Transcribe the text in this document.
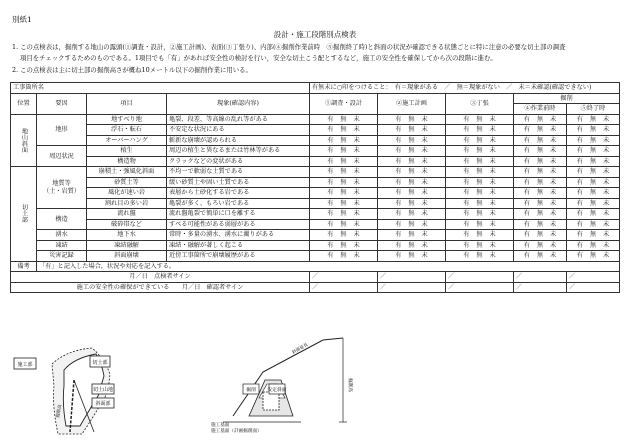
別紙1
設計・施工段階別点検表
1. この点検表は，掘削する地山の露頭(①調査・設計，②施工計画)、表面(③丁張り)、内部(④掘削作業前時　⑤掘削終了時)と斜面の状況が確認できる状態ごとに特に注意の必要な切土部の調査
項目をチェックするためのものである。1項目でも「有」があれば安全性の検討を行い，安全な切土こう配とするなど，施工の安全性を確保してから次の段階に進む。
2. この点検表は主に切土部の掘削高さが概ね10メートル以下の掘削作業に用いる。
工事箇所名				有無末に○印をつけること：　有＝現象がある　／　無＝現象がない　／　未＝未確認(確認できない)				
位置	要因	項目	現象(確認内容)	①調査・設計	②施工計画	③丁張	掘削	
							④作業前時	⑤終了時
地山斜面	地形	地すべり地	亀裂、段差、等高線の乱れ等がある	有 無 未	有 無 未	有 無 未	有 無 未	有 無 未
		浮石・転石	不安定な状況にある	有 無 未	有 無 未	有 無 未	有 無 未	有 無 未
		オーバーハング	斬新な崩壊が認められる	有 無 未	有 無 未	有 無 未	有 無 未	有 無 未
	周辺状況	植生	周辺の植生と異なるまたは竹林等がある	有 無 未	有 無 未	有 無 未	有 無 未	有 無 未
		構造物	クラックなどの変状がある	有 無 未	有 無 未	有 無 未	有 無 未	有 無 未
切土部	地質等
（土・岩質）	崩積土・強風化斜面	不均一で軟弱な土質である	有 無 未	有 無 未	有 無 未	有 無 未	有 無 未
		砂質土等	緩い砂質土や固い土質である	有 無 未	有 無 未	有 無 未	有 無 未	有 無 未
		風化が速い岩	表層から土砂化する岩である	有 無 未	有 無 未	有 無 未	有 無 未	有 無 未
		割れ目の多い岩	亀裂が多く、もろい岩である	有 無 未	有 無 未	有 無 未	有 無 未	有 無 未
	構造	流れ盤	流れ盤亀裂で簡単に口を離する	有 無 未	有 無 未	有 無 未	有 無 未	有 無 未
		破砕帯など	すべる可能性がある弱層がある	有 無 未	有 無 未	有 無 未	有 無 未	有 無 未
	湧水	地下水	常時・多量の湧水、湧水に濁りがある	有 無 未	有 無 未	有 無 未	有 無 未	有 無 未
	凍結	凍結融解	凍結・融解が著しく起こる	有 無 未	有 無 未	有 無 未	有 無 未	有 無 未
	災害記録	斜面崩壊	近傍工事箇所で崩壊履歴がある	有 無 未	有 無 未	有 無 未	有 無 未	有 無 未
備考	「有」と記入した場合，状況や対応を記入する。							
月／日　点検者サイン				／	／	／	／	／
施工の安全性の確保ができている　　月／日　確認者サイン				／	／	／	／	／
施工部	切土部
切土山地
斜面部
掘削高
掘削 安定斜面
施工基面（計画掘削面）
施工基面
斜面延長
掘削高
